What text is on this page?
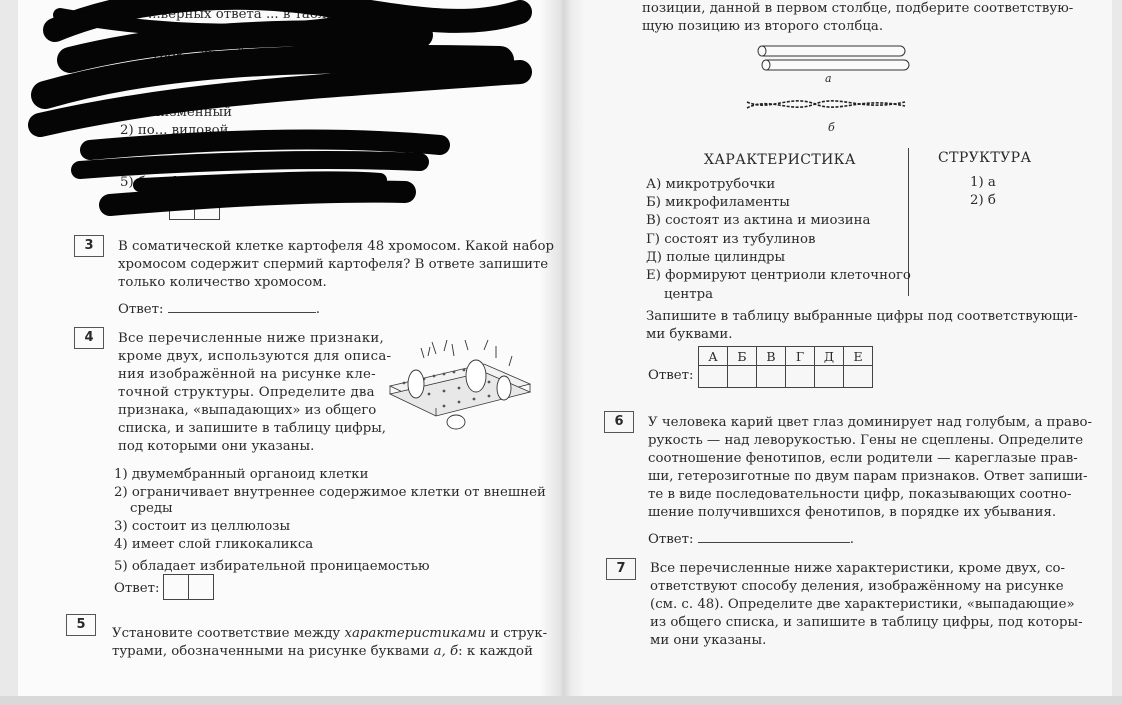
...верных ответа ... в таблицу ци-
...которыми о...
К... уров... живой природы представлены
...окле...ивое ве-
...ганизменный
2) по... видовой
5) биосфер...
3	В соматической клетке картофеля 48 хромосом. Какой набор
хромосом содержит спермий картофеля? В ответе запишите
только количество хромосом.
Ответ:	.
4	Все перечисленные ниже признаки,
кроме двух, используются для описа-
ния изображённой на рисунке кле-
точной структуры. Определите два
признака, «выпадающих» из общего
списка, и запишите в таблицу цифры,
под которыми они указаны.
1) двумембранный органоид клетки
2) ограничивает внутреннее содержимое клетки от внешней
среды
3) состоит из целлюлозы
4) имеет слой гликокаликса
5) обладает избирательной проницаемостью
Ответ:
5
Установите соответствие между характеристиками и струк-
турами, обозначенными на рисунке буквами а, б: к каждой
позиции, данной в первом столбце, подберите соответствую-
щую позицию из второго столбца.
а
б
ХАРАКТЕРИСТИКА	СТРУКТУРА
А) микротрубочки
Б) микрофиламенты
В) состоят из актина и миозина
Г) состоят из тубулинов
Д) полые цилиндры
Е) формируют центриоли клеточного
центра
1) а
2) б
Запишите в таблицу выбранные цифры под соответствующи-
ми буквами.
Ответ:
А	Б	В	Г	Д	Е

6	У человека карий цвет глаз доминирует над голубым, а право-
рукость — над леворукостью. Гены не сцеплены. Определите
соотношение фенотипов, если родители — кареглазые прав-
ши, гетерозиготные по двум парам признаков. Ответ запиши-
те в виде последовательности цифр, показывающих соотно-
шение получившихся фенотипов, в порядке их убывания.
Ответ:	.
7	Все перечисленные ниже характеристики, кроме двух, со-
ответствуют способу деления, изображённому на рисунке
(см. с. 48). Определите две характеристики, «выпадающие»
из общего списка, и запишите в таблицу цифры, под которы-
ми они указаны.
